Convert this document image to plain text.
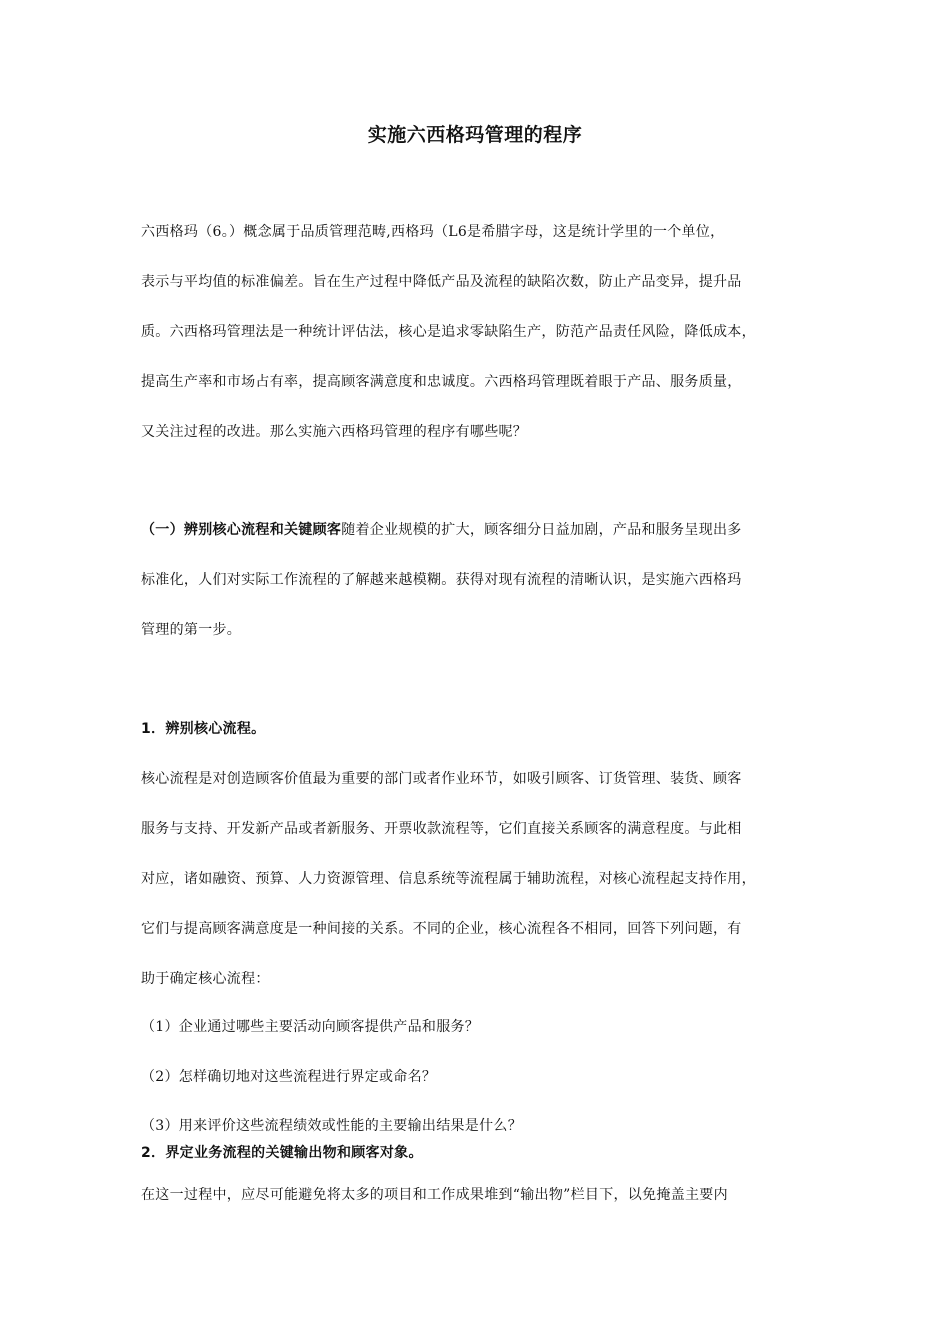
实施六西格玛管理的程序
六西格玛（6。）概念属于品质管理范畴,西格玛（L6是希腊字母，这是统计学里的一个单位，
表示与平均值的标准偏差。旨在生产过程中降低产品及流程的缺陷次数，防止产品变异，提升品
质。六西格玛管理法是一种统计评估法，核心是追求零缺陷生产，防范产品责任风险，降低成本，
提高生产率和市场占有率，提高顾客满意度和忠诚度。六西格玛管理既着眼于产品、服务质量，
又关注过程的改进。那么实施六西格玛管理的程序有哪些呢？
（一）辨别核心流程和关键顾客随着企业规模的扩大，顾客细分日益加剧，产品和服务呈现出多
标准化，人们对实际工作流程的了解越来越模糊。获得对现有流程的清晰认识，是实施六西格玛
管理的第一步。
1．辨别核心流程。
核心流程是对创造顾客价值最为重要的部门或者作业环节，如吸引顾客、订货管理、装货、顾客
服务与支持、开发新产品或者新服务、开票收款流程等，它们直接关系顾客的满意程度。与此相
对应，诸如融资、预算、人力资源管理、信息系统等流程属于辅助流程，对核心流程起支持作用，
它们与提高顾客满意度是一种间接的关系。不同的企业，核心流程各不相同，回答下列问题，有
助于确定核心流程：
（1）企业通过哪些主要活动向顾客提供产品和服务？
（2）怎样确切地对这些流程进行界定或命名？
（3）用来评价这些流程绩效或性能的主要输出结果是什么？
2．界定业务流程的关键输出物和顾客对象。
在这一过程中，应尽可能避免将太多的项目和工作成果堆到“输出物”栏目下，以免掩盖主要内
